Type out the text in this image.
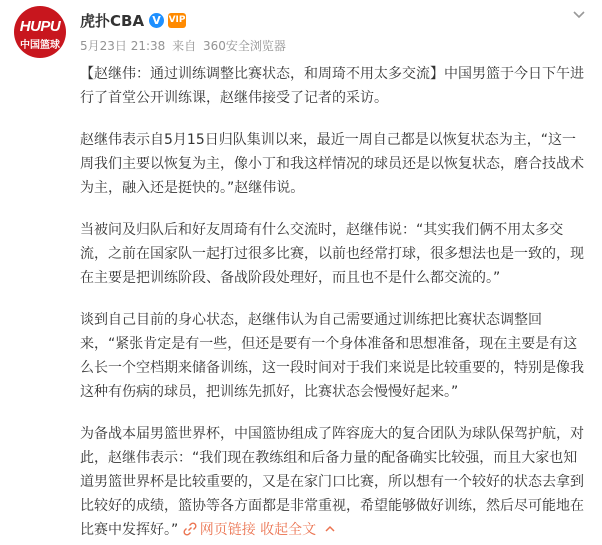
HUPU
中国篮球
虎扑CBA V VIP
5月23日 21:38 来自 360安全浏览器

【赵继伟：通过训练调整比赛状态，和周琦不用太多交流】中国男篮于今日下午进行了首堂公开训练课，赵继伟接受了记者的采访。

赵继伟表示自5月15日归队集训以来，最近一周自己都是以恢复状态为主，“这一周我们主要以恢复为主，像小丁和我这样情况的球员还是以恢复状态，磨合技战术为主，融入还是挺快的。”赵继伟说。

当被问及归队后和好友周琦有什么交流时，赵继伟说：“其实我们俩不用太多交流，之前在国家队一起打过很多比赛，以前也经常打球，很多想法也是一致的，现在主要是把训练阶段、备战阶段处理好，而且也不是什么都交流的。”

谈到自己目前的身心状态，赵继伟认为自己需要通过训练把比赛状态调整回来，“紧张肯定是有一些，但还是要有一个身体准备和思想准备，现在主要是有这么长一个空档期来储备训练，这一段时间对于我们来说是比较重要的，特别是像我这种有伤病的球员，把训练先抓好，比赛状态会慢慢好起来。”

为备战本届男篮世界杯，中国篮协组成了阵容庞大的复合团队为球队保驾护航，对此，赵继伟表示：“我们现在教练组和后备力量的配备确实比较强，而且大家也知道男篮世界杯是比较重要的，又是在家门口比赛，所以想有一个较好的状态去拿到比较好的成绩，篮协等各方面都是非常重视，希望能够做好训练，然后尽可能地在比赛中发挥好。” 网页链接 收起全文
